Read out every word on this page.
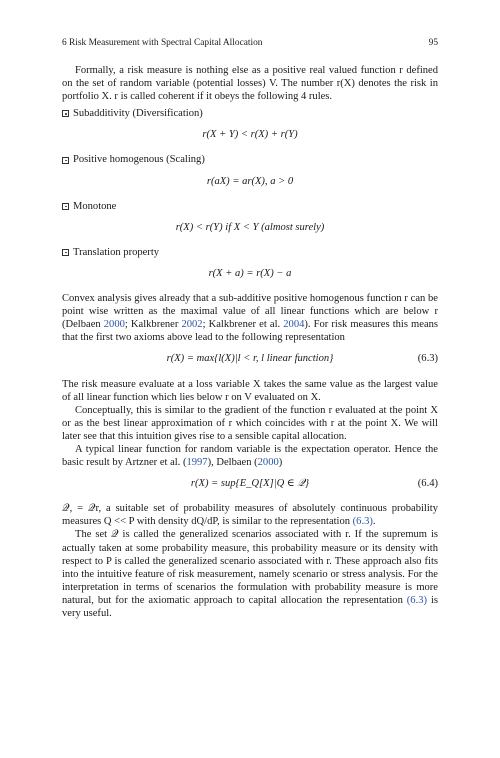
6 Risk Measurement with Spectral Capital Allocation	95

Formally, a risk measure is nothing else as a positive real valued function r defined on the set of random variable (potential losses) V. The number r(X) denotes the risk in portfolio X. r is called coherent if it obeys the following 4 rules.

Subadditivity (Diversification)
r(X + Y) < r(X) + r(Y)
Positive homogenous (Scaling)
r(aX) = ar(X), a > 0
Monotone
r(X) < r(Y) if X < Y (almost surely)
Translation property
r(X + a) = r(X) − a

Convex analysis gives already that a sub-additive positive homogenous function r can be point wise written as the maximal value of all linear functions which are below r (Delbaen 2000; Kalkbrener 2002; Kalkbrener et al. 2004). For risk measures this means that the first two axioms above lead to the following representation

r(X) = max{l(X)|l < r, l linear function}	(6.3)

The risk measure evaluate at a loss variable X takes the same value as the largest value of all linear function which lies below r on V evaluated on X.

Conceptually, this is similar to the gradient of the function r evaluated at the point X or as the best linear approximation of r which coincides with r at the point X. We will later see that this intuition gives rise to a sensible capital allocation.

A typical linear function for random variable is the expectation operator. Hence the basic result by Artzner et al. (1997), Delbaen (2000)

r(X) = sup{E_Q[X]|Q ∈ 𝒬}	(6.4)

𝒬, = 𝒬r, a suitable set of probability measures of absolutely continuous probability measures Q << P with density dQ/dP, is similar to the representation (6.3).

The set 𝒬 is called the generalized scenarios associated with r. If the supremum is actually taken at some probability measure, this probability measure or its density with respect to P is called the generalized scenario associated with r. These approach also fits into the intuitive feature of risk measurement, namely scenario or stress analysis. For the interpretation in terms of scenarios the formulation with probability measure is more natural, but for the axiomatic approach to capital allocation the representation (6.3) is very useful.
